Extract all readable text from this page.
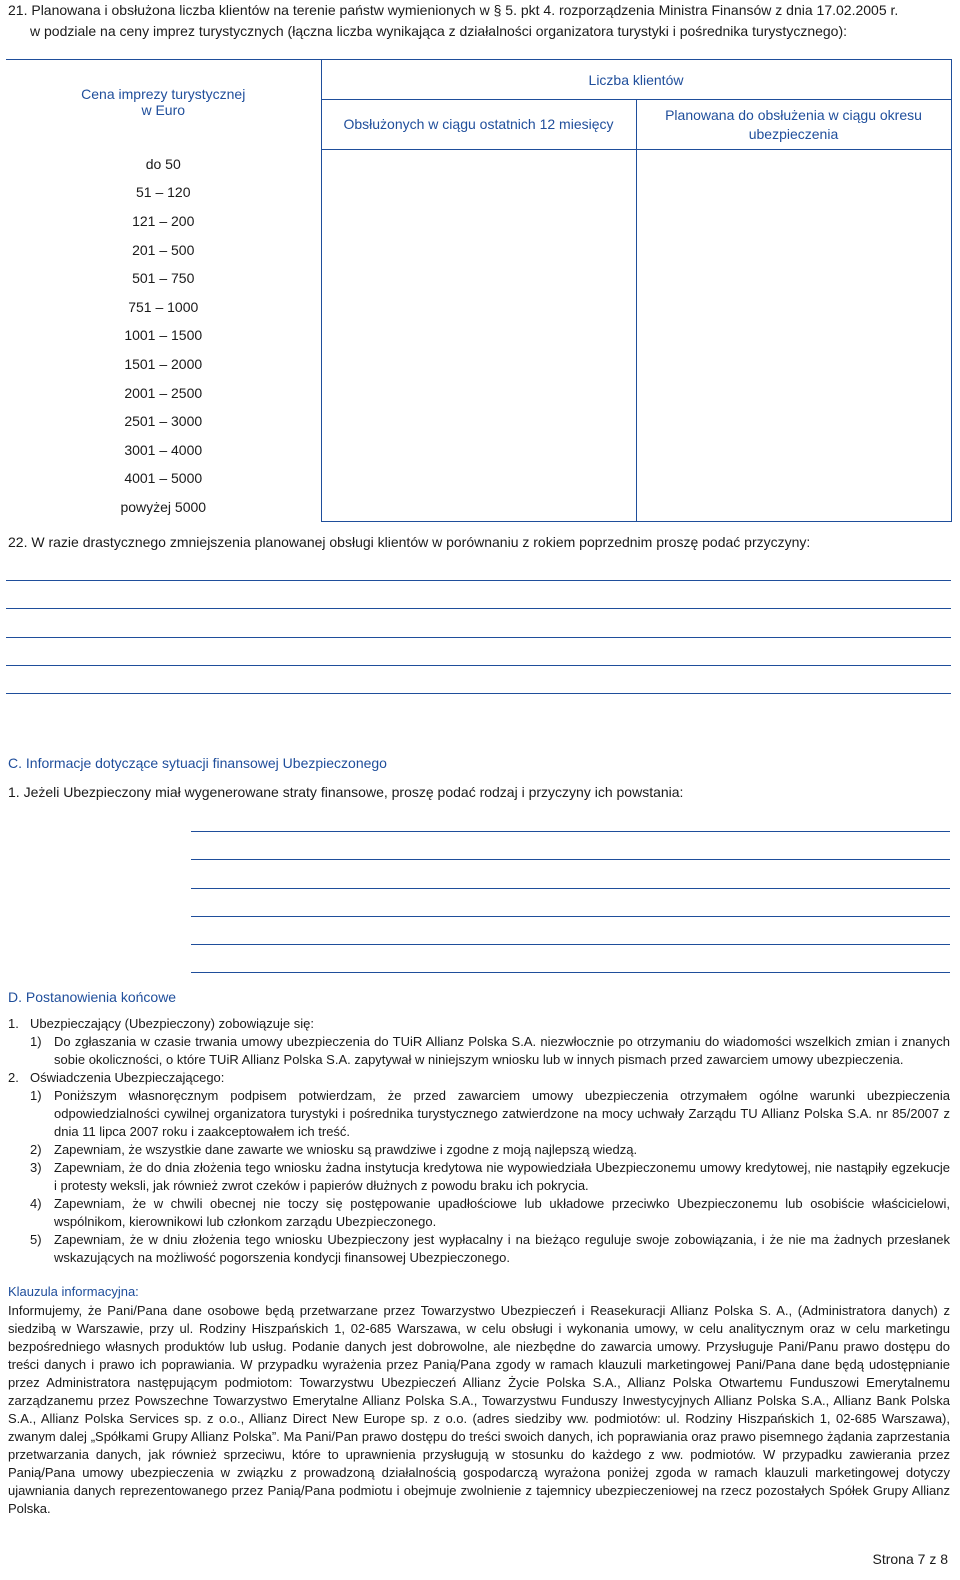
21. Planowana i obsłużona liczba klientów na terenie państw wymienionych w § 5. pkt 4. rozporządzenia Ministra Finansów z dnia 17.02.2005 r.
w podziale na ceny imprez turystycznych (łączna liczba wynikająca z działalności organizatora turystyki i pośrednika turystycznego):
Cena imprezy turystycznej
w Euro	Liczba klientów	
	Obsłużonych w ciągu ostatnich 12 miesięcy	Planowana do obsłużenia w ciągu okresu ubezpieczenia
do 50		
51 – 120		
121 – 200		
201 – 500		
501 – 750		
751 – 1000		
1001 – 1500		
1501 – 2000		
2001 – 2500		
2501 – 3000		
3001 – 4000		
4001 – 5000		
powyżej 5000		
22. W razie drastycznego zmniejszenia planowanej obsługi klientów w porównaniu z rokiem poprzednim proszę podać przyczyny:
C. Informacje dotyczące sytuacji finansowej Ubezpieczonego
1. Jeżeli Ubezpieczony miał wygenerowane straty finansowe, proszę podać rodzaj i przyczyny ich powstania:
D. Postanowienia końcowe
1. Ubezpieczający (Ubezpieczony) zobowiązuje się:
1) Do zgłaszania w czasie trwania umowy ubezpieczenia do TUiR Allianz Polska S.A. niezwłocznie po otrzymaniu do wiadomości wszelkich zmian i znanych sobie okoliczności, o które TUiR Allianz Polska S.A. zapytywał w niniejszym wniosku lub w innych pismach przed zawarciem umowy ubezpieczenia.
2. Oświadczenia Ubezpieczającego:
1) Poniższym własnoręcznym podpisem potwierdzam, że przed zawarciem umowy ubezpieczenia otrzymałem ogólne warunki ubezpieczenia odpowiedzialności cywilnej organizatora turystyki i pośrednika turystycznego zatwierdzone na mocy uchwały Zarządu TU Allianz Polska S.A. nr 85/2007 z dnia 11 lipca 2007 roku i zaakceptowałem ich treść.
2) Zapewniam, że wszystkie dane zawarte we wniosku są prawdziwe i zgodne z moją najlepszą wiedzą.
3) Zapewniam, że do dnia złożenia tego wniosku żadna instytucja kredytowa nie wypowiedziała Ubezpieczonemu umowy kredytowej, nie nastąpiły egzekucje i protesty weksli, jak również zwrot czeków i papierów dłużnych z powodu braku ich pokrycia.
4) Zapewniam, że w chwili obecnej nie toczy się postępowanie upadłościowe lub układowe przeciwko Ubezpieczonemu lub osobiście właścicielowi, wspólnikom, kierownikowi lub członkom zarządu Ubezpieczonego.
5) Zapewniam, że w dniu złożenia tego wniosku Ubezpieczony jest wypłacalny i na bieżąco reguluje swoje zobowiązania, i że nie ma żadnych przesłanek wskazujących na możliwość pogorszenia kondycji finansowej Ubezpieczonego.
Klauzula informacyjna:
Informujemy, że Pani/Pana dane osobowe będą przetwarzane przez Towarzystwo Ubezpieczeń i Reasekuracji Allianz Polska S. A., (Administratora danych) z siedzibą w Warszawie, przy ul. Rodziny Hiszpańskich 1, 02-685 Warszawa, w celu obsługi i wykonania umowy, w celu analitycznym oraz w celu marketingu bezpośredniego własnych produktów lub usług. Podanie danych jest dobrowolne, ale niezbędne do zawarcia umowy. Przysługuje Pani/Panu prawo dostępu do treści danych i prawo ich poprawiania. W przypadku wyrażenia przez Panią/Pana zgody w ramach klauzuli marketingowej Pani/Pana dane będą udostępnianie przez Administratora następującym podmiotom: Towarzystwu Ubezpieczeń Allianz Życie Polska S.A., Allianz Polska Otwartemu Funduszowi Emerytalnemu zarządzanemu przez Powszechne Towarzystwo Emerytalne Allianz Polska S.A., Towarzystwu Funduszy Inwestycyjnych Allianz Polska S.A., Allianz Bank Polska S.A., Allianz Polska Services sp. z o.o., Allianz Direct New Europe sp. z o.o. (adres siedziby ww. podmiotów: ul. Rodziny Hiszpańskich 1, 02-685 Warszawa), zwanym dalej „Spółkami Grupy Allianz Polska”. Ma Pani/Pan prawo dostępu do treści swoich danych, ich poprawiania oraz prawo pisemnego żądania zaprzestania przetwarzania danych, jak również sprzeciwu, które to uprawnienia przysługują w stosunku do każdego z ww. podmiotów. W przypadku zawierania przez Panią/Pana umowy ubezpieczenia w związku z prowadzoną działalnością gospodarczą wyrażona poniżej zgoda w ramach klauzuli marketingowej dotyczy ujawniania danych reprezentowanego przez Panią/Pana podmiotu i obejmuje zwolnienie z tajemnicy ubezpieczeniowej na rzecz pozostałych Spółek Grupy Allianz Polska.
Strona 7 z 8
